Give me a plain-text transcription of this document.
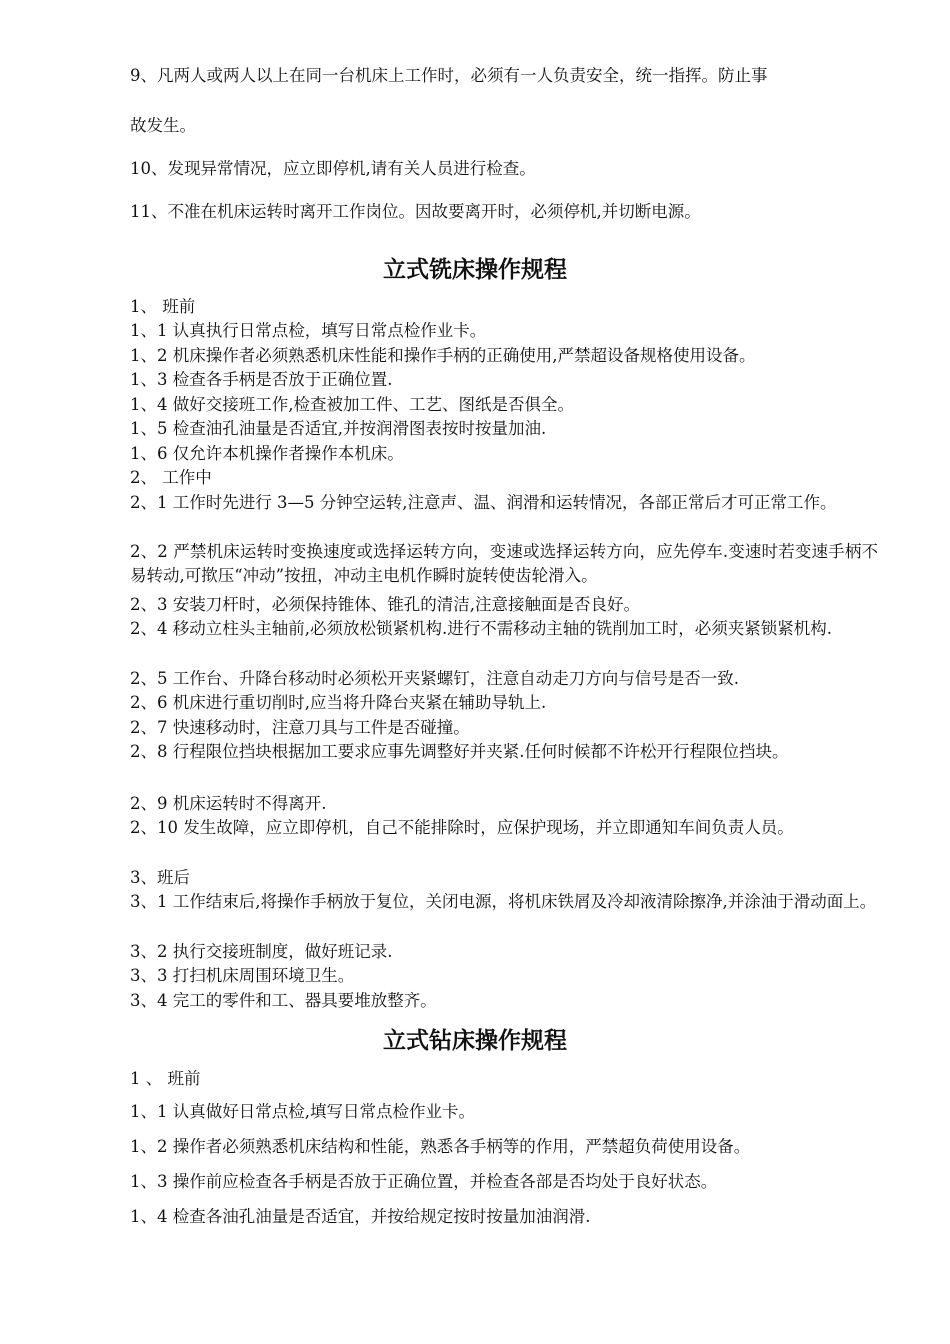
9、凡两人或两人以上在同一台机床上工作时，必须有一人负责安全，统一指挥。防止事

故发生。

10、发现异常情况，应立即停机,请有关人员进行检查。

11、不准在机床运转时离开工作岗位。因故要离开时，必须停机,并切断电源。

立式铣床操作规程

1、 班前

1、1 认真执行日常点检，填写日常点检作业卡。

1、2 机床操作者必须熟悉机床性能和操作手柄的正确使用,严禁超设备规格使用设备。

1、3 检查各手柄是否放于正确位置.

1、4 做好交接班工作,检查被加工件、工艺、图纸是否俱全。

1、5 检查油孔油量是否适宜,并按润滑图表按时按量加油.

1、6 仅允许本机操作者操作本机床。

2、 工作中

2、1 工作时先进行 3—5 分钟空运转,注意声、温、润滑和运转情况，各部正常后才可正常工作。

2、2 严禁机床运转时变换速度或选择运转方向，变速或选择运转方向，应先停车.变速时若变速手柄不易转动,可揿压“冲动”按扭，冲动主电机作瞬时旋转使齿轮滑入。

2、3 安装刀杆时，必须保持锥体、锥孔的清洁,注意接触面是否良好。

2、4 移动立柱头主轴前,必须放松锁紧机构.进行不需移动主轴的铣削加工时，必须夹紧锁紧机构.

2、5 工作台、升降台移动时必须松开夹紧螺钉，注意自动走刀方向与信号是否一致.

2、6 机床进行重切削时,应当将升降台夹紧在辅助导轨上.

2、7 快速移动时，注意刀具与工件是否碰撞。

2、8 行程限位挡块根据加工要求应事先调整好并夹紧.任何时候都不许松开行程限位挡块。

2、9 机床运转时不得离开.

2、10 发生故障，应立即停机，自己不能排除时，应保护现场，并立即通知车间负责人员。

3、班后

3、1 工作结束后,将操作手柄放于复位，关闭电源，将机床铁屑及冷却液清除擦净,并涂油于滑动面上。

3、2 执行交接班制度，做好班记录.

3、3 打扫机床周围环境卫生。

3、4 完工的零件和工、器具要堆放整齐。

立式钻床操作规程

1 、 班前

1、1 认真做好日常点检,填写日常点检作业卡。

1、2 操作者必须熟悉机床结构和性能，熟悉各手柄等的作用，严禁超负荷使用设备。

1、3 操作前应检查各手柄是否放于正确位置，并检查各部是否均处于良好状态。

1、4 检查各油孔油量是否适宜，并按给规定按时按量加油润滑.
